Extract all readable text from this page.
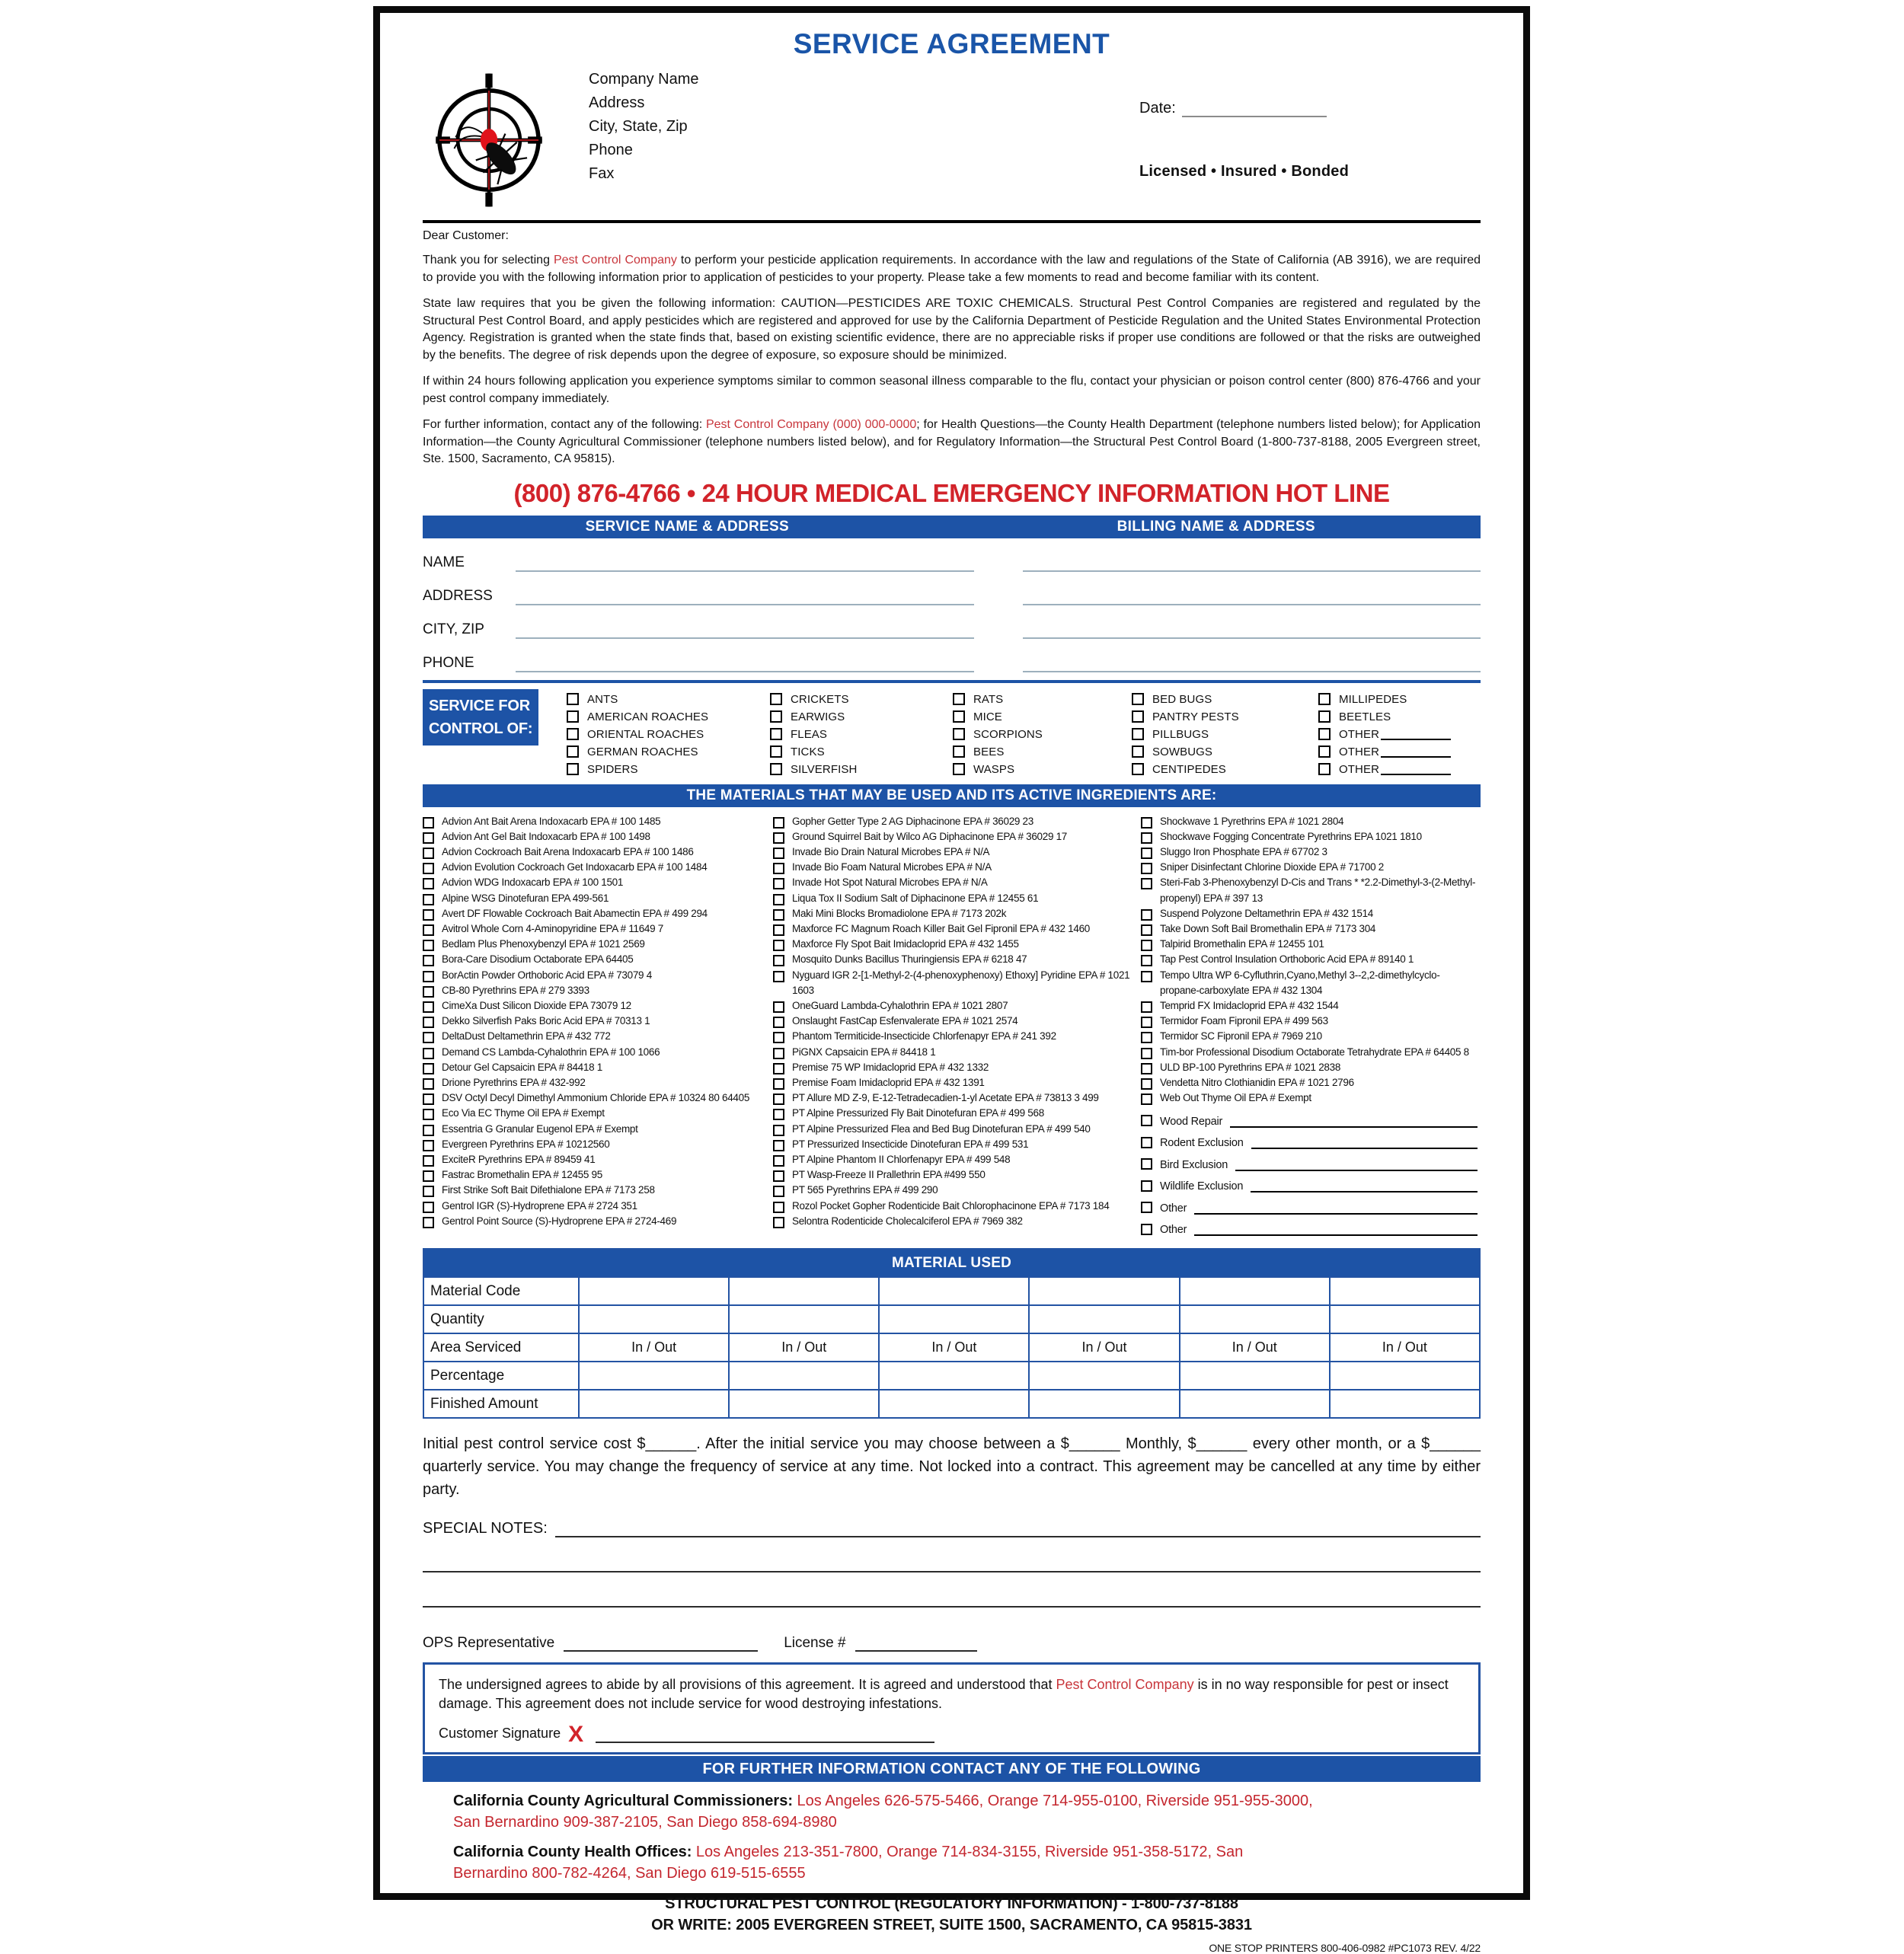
SERVICE AGREEMENT
Company Name
Address
City, State, Zip
Phone
Fax
Date:
Licensed • Insured • Bonded
Dear Customer:
Thank you for selecting Pest Control Company to perform your pesticide application requirements. In accordance with the law and regulations of the State of California (AB 3916), we are required to provide you with the following information prior to application of pesticides to your property. Please take a few moments to read and become familiar with its content.
State law requires that you be given the following information: CAUTION—PESTICIDES ARE TOXIC CHEMICALS. Structural Pest Control Companies are registered and regulated by the Structural Pest Control Board, and apply pesticides which are registered and approved for use by the California Department of Pesticide Regulation and the United States Environmental Protection Agency. Registration is granted when the state finds that, based on existing scientific evidence, there are no appreciable risks if proper use conditions are followed or that the risks are outweighed by the benefits. The degree of risk depends upon the degree of exposure, so exposure should be minimized.
If within 24 hours following application you experience symptoms similar to common seasonal illness comparable to the flu, contact your physician or poison control center (800) 876-4766 and your pest control company immediately.
For further information, contact any of the following: Pest Control Company (000) 000-0000; for Health Questions—the County Health Department (telephone numbers listed below); for Application Information—the County Agricultural Commissioner (telephone numbers listed below), and for Regulatory Information—the Structural Pest Control Board (1-800-737-8188, 2005 Evergreen street, Ste. 1500, Sacramento, CA 95815).
(800) 876-4766 • 24 HOUR MEDICAL EMERGENCY INFORMATION HOT LINE
SERVICE NAME & ADDRESS	BILLING NAME & ADDRESS
NAME
ADDRESS
CITY, ZIP
PHONE
SERVICE FOR
CONTROL OF:
ANTS
AMERICAN ROACHES
ORIENTAL ROACHES
GERMAN ROACHES
SPIDERS
CRICKETS
EARWIGS
FLEAS
TICKS
SILVERFISH
RATS
MICE
SCORPIONS
BEES
WASPS
BED BUGS
PANTRY PESTS
PILLBUGS
SOWBUGS
CENTIPEDES
MILLIPEDES
BEETLES
OTHER
OTHER
OTHER
THE MATERIALS THAT MAY BE USED AND ITS ACTIVE INGREDIENTS ARE:
Advion Ant Bait Arena Indoxacarb EPA # 100 1485
Advion Ant Gel Bait Indoxacarb EPA # 100 1498
Advion Cockroach Bait Arena Indoxacarb EPA # 100 1486
Advion Evolution Cockroach Get Indoxacarb EPA # 100 1484
Advion WDG Indoxacarb EPA # 100 1501
Alpine WSG Dinotefuran EPA 499-561
Avert DF Flowable Cockroach Bait Abamectin EPA # 499 294
Avitrol Whole Corn 4-Aminopyridine EPA # 11649 7
Bedlam Plus Phenoxybenzyl EPA # 1021 2569
Bora-Care Disodium Octaborate EPA 64405
BorActin Powder Orthoboric Acid EPA # 73079 4
CB-80 Pyrethrins EPA # 279 3393
CimeXa Dust Silicon Dioxide EPA 73079 12
Dekko Silverfish Paks Boric Acid EPA # 70313 1
DeltaDust Deltamethrin EPA # 432 772
Demand CS Lambda-Cyhalothrin EPA # 100 1066
Detour Gel Capsaicin EPA # 84418 1
Drione Pyrethrins EPA # 432-992
DSV Octyl Decyl Dimethyl Ammonium Chloride EPA # 10324 80 64405
Eco Via EC Thyme Oil EPA # Exempt
Essentria G Granular Eugenol EPA # Exempt
Evergreen Pyrethrins EPA # 10212560
ExciteR Pyrethrins EPA # 89459 41
Fastrac Bromethalin EPA # 12455 95
First Strike Soft Bait Difethialone EPA # 7173 258
Gentrol IGR (S)-Hydroprene EPA # 2724 351
Gentrol Point Source (S)-Hydroprene EPA # 2724-469
Gopher Getter Type 2 AG Diphacinone EPA # 36029 23
Ground Squirrel Bait by Wilco AG Diphacinone EPA # 36029 17
Invade Bio Drain Natural Microbes EPA # N/A
Invade Bio Foam Natural Microbes EPA # N/A
Invade Hot Spot Natural Microbes EPA # N/A
Liqua Tox II Sodium Salt of Diphacinone EPA # 12455 61
Maki Mini Blocks Bromadiolone EPA # 7173 202k
Maxforce FC Magnum Roach Killer Bait Gel Fipronil EPA # 432 1460
Maxforce Fly Spot Bait Imidacloprid EPA # 432 1455
Mosquito Dunks Bacillus Thuringiensis EPA # 6218 47
Nyguard IGR 2-[1-Methyl-2-(4-phenoxyphenoxy) Ethoxy] Pyridine EPA # 1021 1603
OneGuard Lambda-Cyhalothrin EPA # 1021 2807
Onslaught FastCap Esfenvalerate EPA # 1021 2574
Phantom Termiticide-Insecticide Chlorfenapyr EPA # 241 392
PiGNX Capsaicin EPA # 84418 1
Premise 75 WP Imidacloprid EPA # 432 1332
Premise Foam Imidacloprid EPA # 432 1391
PT Allure MD Z-9, E-12-Tetradecadien-1-yl Acetate EPA # 73813 3 499
PT Alpine Pressurized Fly Bait Dinotefuran EPA # 499 568
PT Alpine Pressurized Flea and Bed Bug Dinotefuran EPA # 499 540
PT Pressurized Insecticide Dinotefuran EPA # 499 531
PT Alpine Phantom II Chlorfenapyr EPA # 499 548
PT Wasp-Freeze II Prallethrin EPA #499 550
PT 565 Pyrethrins EPA # 499 290
Rozol Pocket Gopher Rodenticide Bait Chlorophacinone EPA # 7173 184
Selontra Rodenticide Cholecalciferol EPA # 7969 382
Shockwave 1 Pyrethrins EPA # 1021 2804
Shockwave Fogging Concentrate Pyrethrins EPA 1021 1810
Sluggo Iron Phosphate EPA # 67702 3
Sniper Disinfectant Chlorine Dioxide EPA # 71700 2
Steri-Fab 3-Phenoxybenzyl D-Cis and Trans * *2.2-Dimethyl-3-(2-Methyl-propenyl) EPA # 397 13
Suspend Polyzone Deltamethrin EPA # 432 1514
Take Down Soft Bail Bromethalin EPA # 7173 304
Talpirid Bromethalin EPA # 12455 101
Tap Pest Control Insulation Orthoboric Acid EPA # 89140 1
Tempo Ultra WP 6-Cyfluthrin,Cyano,Methyl 3--2,2-dimethylcyclo-propane-carboxylate EPA # 432 1304
Temprid FX Imidacloprid EPA # 432 1544
Termidor Foam Fipronil EPA # 499 563
Termidor SC Fipronil EPA # 7969 210
Tim-bor Professional Disodium Octaborate Tetrahydrate EPA # 64405 8
ULD BP-100 Pyrethrins EPA # 1021 2838
Vendetta Nitro Clothianidin EPA # 1021 2796
Web Out Thyme Oil EPA # Exempt
Wood Repair
Rodent Exclusion
Bird Exclusion
Wildlife Exclusion
Other
Other
MATERIAL USED						
Material Code						
Quantity						
Area Serviced	In / Out	In / Out	In / Out	In / Out	In / Out	In / Out
Percentage						
Finished Amount						
Initial pest control service cost $______. After the initial service you may choose between a $______ Monthly, $______ every other month, or a $______ quarterly service. You may change the frequency of service at any time. Not locked into a contract. This agreement may be cancelled at any time by either party.
SPECIAL NOTES:
OPS Representative	License #
The undersigned agrees to abide by all provisions of this agreement. It is agreed and understood that Pest Control Company is in no way responsible for pest or insect damage. This agreement does not include service for wood destroying infestations.
Customer Signature X
FOR FURTHER INFORMATION CONTACT ANY OF THE FOLLOWING
California County Agricultural Commissioners: Los Angeles 626-575-5466, Orange 714-955-0100, Riverside 951-955-3000, San Bernardino 909-387-2105, San Diego 858-694-8980
California County Health Offices: Los Angeles 213-351-7800, Orange 714-834-3155, Riverside 951-358-5172, San Bernardino 800-782-4264, San Diego 619-515-6555
STRUCTURAL PEST CONTROL (REGULATORY INFORMATION) - 1-800-737-8188
OR WRITE: 2005 EVERGREEN STREET, SUITE 1500, SACRAMENTO, CA 95815-3831
ONE STOP PRINTERS 800-406-0982 #PC1073 REV. 4/22
